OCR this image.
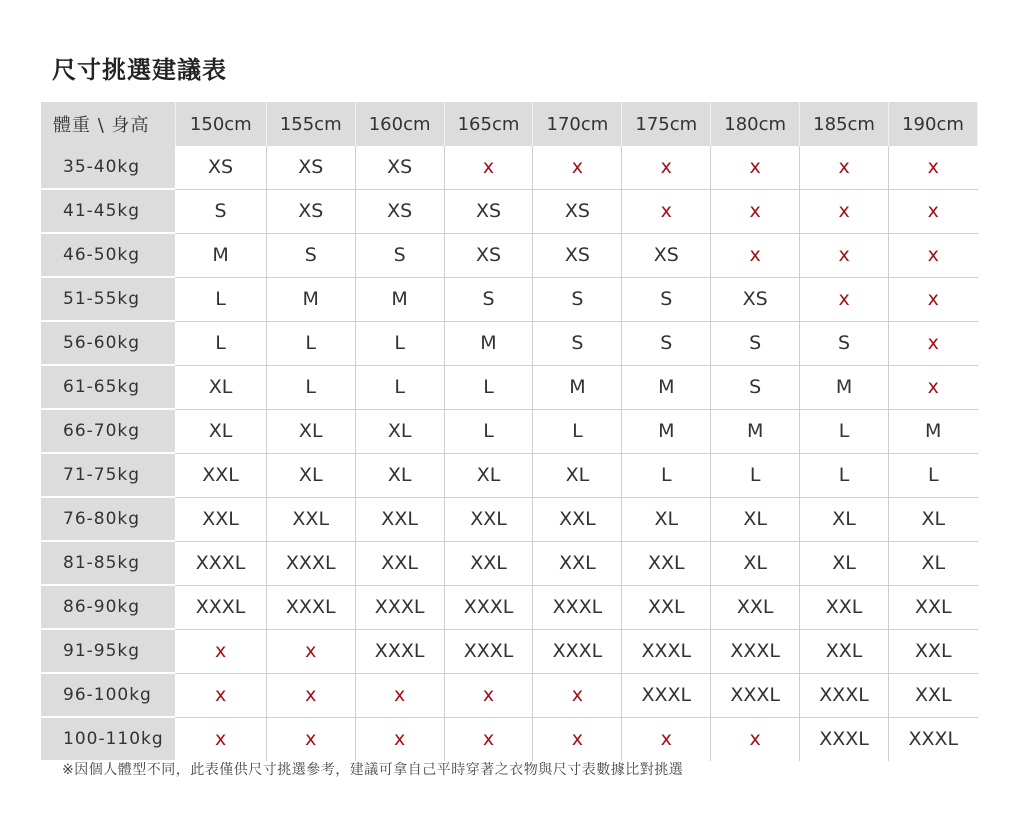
尺寸挑選建議表
體重 \ 身高	150cm	155cm	160cm	165cm	170cm	175cm	180cm	185cm	190cm
35-40kg	XS	XS	XS	x	x	x	x	x	x
41-45kg	S	XS	XS	XS	XS	x	x	x	x
46-50kg	M	S	S	XS	XS	XS	x	x	x
51-55kg	L	M	M	S	S	S	XS	x	x
56-60kg	L	L	L	M	S	S	S	S	x
61-65kg	XL	L	L	L	M	M	S	M	x
66-70kg	XL	XL	XL	L	L	M	M	L	M
71-75kg	XXL	XL	XL	XL	XL	L	L	L	L
76-80kg	XXL	XXL	XXL	XXL	XXL	XL	XL	XL	XL
81-85kg	XXXL	XXXL	XXL	XXL	XXL	XXL	XL	XL	XL
86-90kg	XXXL	XXXL	XXXL	XXXL	XXXL	XXL	XXL	XXL	XXL
91-95kg	x	x	XXXL	XXXL	XXXL	XXXL	XXXL	XXL	XXL
96-100kg	x	x	x	x	x	XXXL	XXXL	XXXL	XXL
100-110kg	x	x	x	x	x	x	x	XXXL	XXXL

※因個人體型不同，此表僅供尺寸挑選參考，建議可拿自己平時穿著之衣物與尺寸表數據比對挑選
